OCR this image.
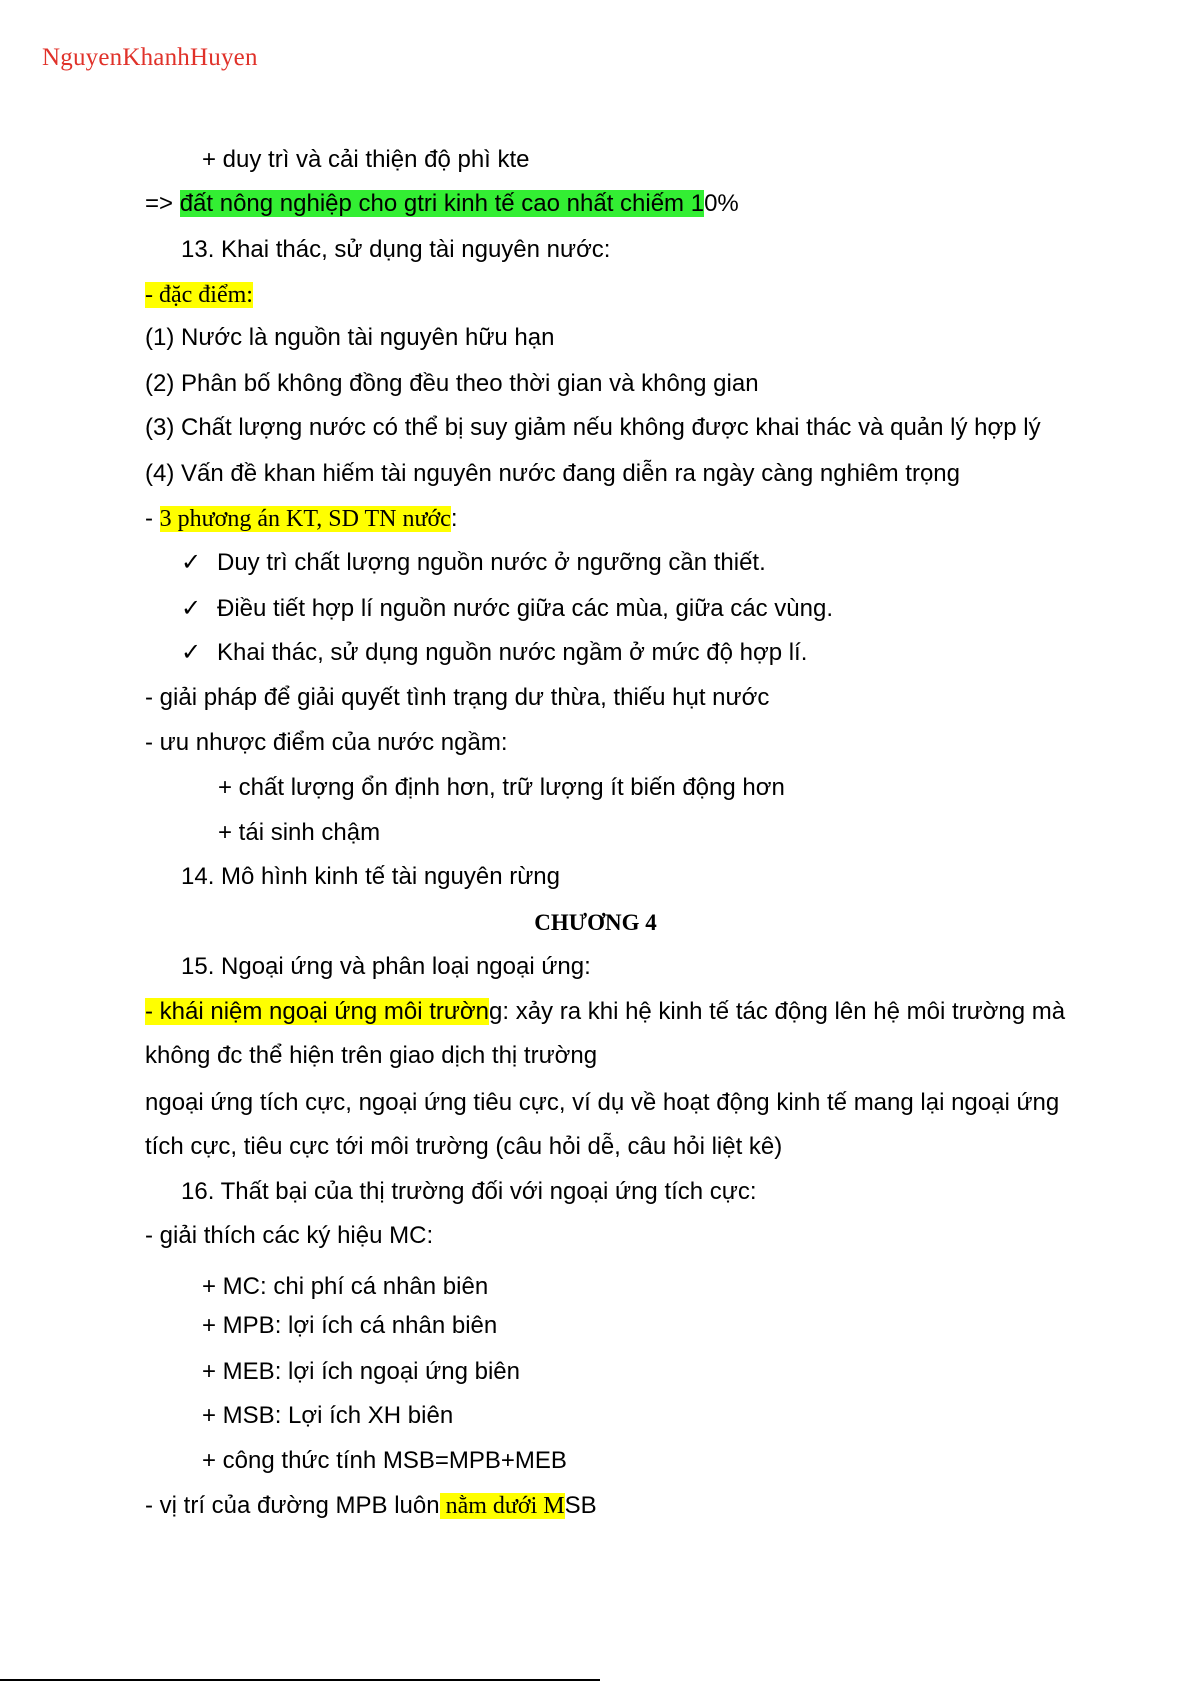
NguyenKhanhHuyen
+ duy trì và cải thiện độ phì kte
=> đất nông nghiệp cho gtri kinh tế cao nhất chiếm 10%
13. Khai thác, sử dụng tài nguyên nước:
- đặc điểm:
(1) Nước là nguồn tài nguyên hữu hạn
(2) Phân bố không đồng đều theo thời gian và không gian
(3) Chất lượng nước có thể bị suy giảm nếu không được khai thác và quản lý hợp lý
(4) Vấn đề khan hiếm tài nguyên nước đang diễn ra ngày càng nghiêm trọng
- 3 phương án KT, SD TN nước:
✓ Duy trì chất lượng nguồn nước ở ngưỡng cần thiết.
✓ Điều tiết hợp lí nguồn nước giữa các mùa, giữa các vùng.
✓ Khai thác, sử dụng nguồn nước ngầm ở mức độ hợp lí.
- giải pháp để giải quyết tình trạng dư thừa, thiếu hụt nước
- ưu nhược điểm của nước ngầm:
+ chất lượng ổn định hơn, trữ lượng ít biến động hơn
+ tái sinh chậm
14. Mô hình kinh tế tài nguyên rừng
CHƯƠNG 4
15. Ngoại ứng và phân loại ngoại ứng:
- khái niệm ngoại ứng môi trường: xảy ra khi hệ kinh tế tác động lên hệ môi trường mà
không đc thể hiện trên giao dịch thị trường
ngoại ứng tích cực, ngoại ứng tiêu cực, ví dụ về hoạt động kinh tế mang lại ngoại ứng
tích cực, tiêu cực tới môi trường (câu hỏi dễ, câu hỏi liệt kê)
16. Thất bại của thị trường đối với ngoại ứng tích cực:
- giải thích các ký hiệu MC:
+ MC: chi phí cá nhân biên
+ MPB: lợi ích cá nhân biên
+ MEB: lợi ích ngoại ứng biên
+ MSB: Lợi ích XH biên
+ công thức tính MSB=MPB+MEB
- vị trí của đường MPB luôn nằm dưới MSB
